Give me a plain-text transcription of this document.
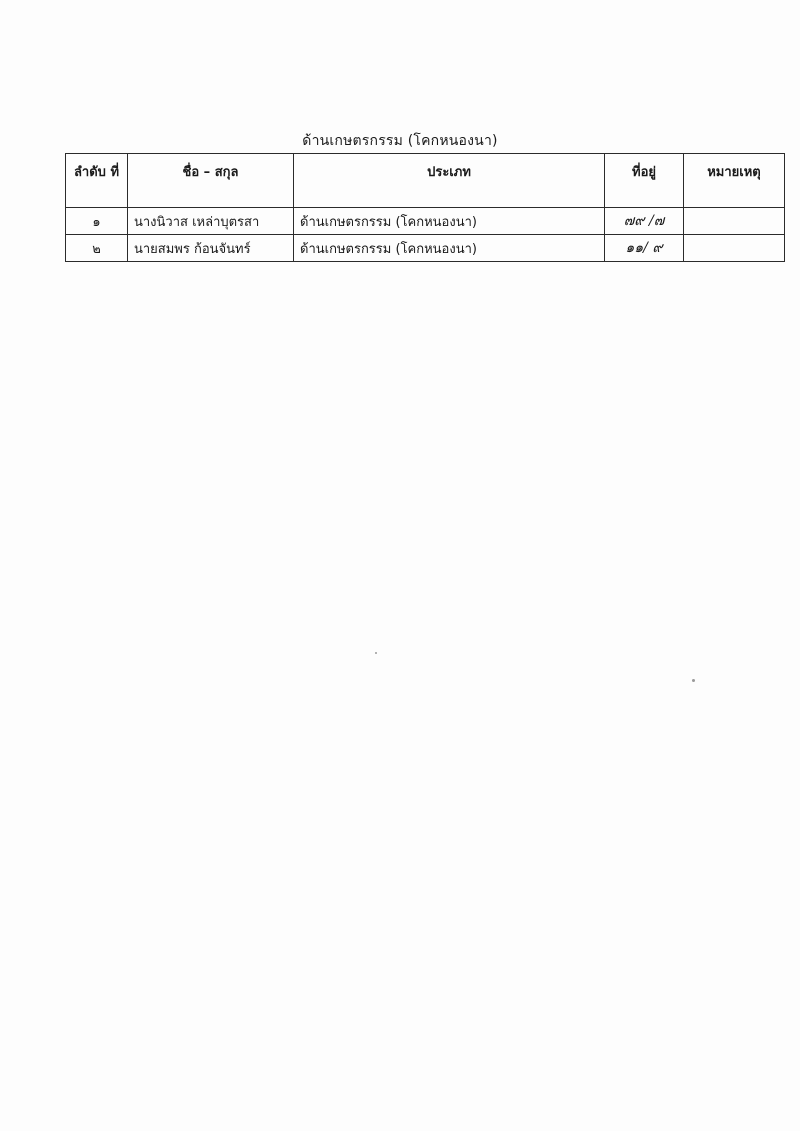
ด้านเกษตรกรรม (โคกหนองนา)
ลำดับ ที่	ชื่อ – สกุล	ประเภท	ที่อยู่	หมายเหตุ
๑	นางนิวาส เหล่าบุตรสา	ด้านเกษตรกรรม (โคกหนองนา)	๗๙ /๗	
๒	นายสมพร ก้อนจันทร์	ด้านเกษตรกรรม (โคกหนองนา)	๑๑/ ๙	
